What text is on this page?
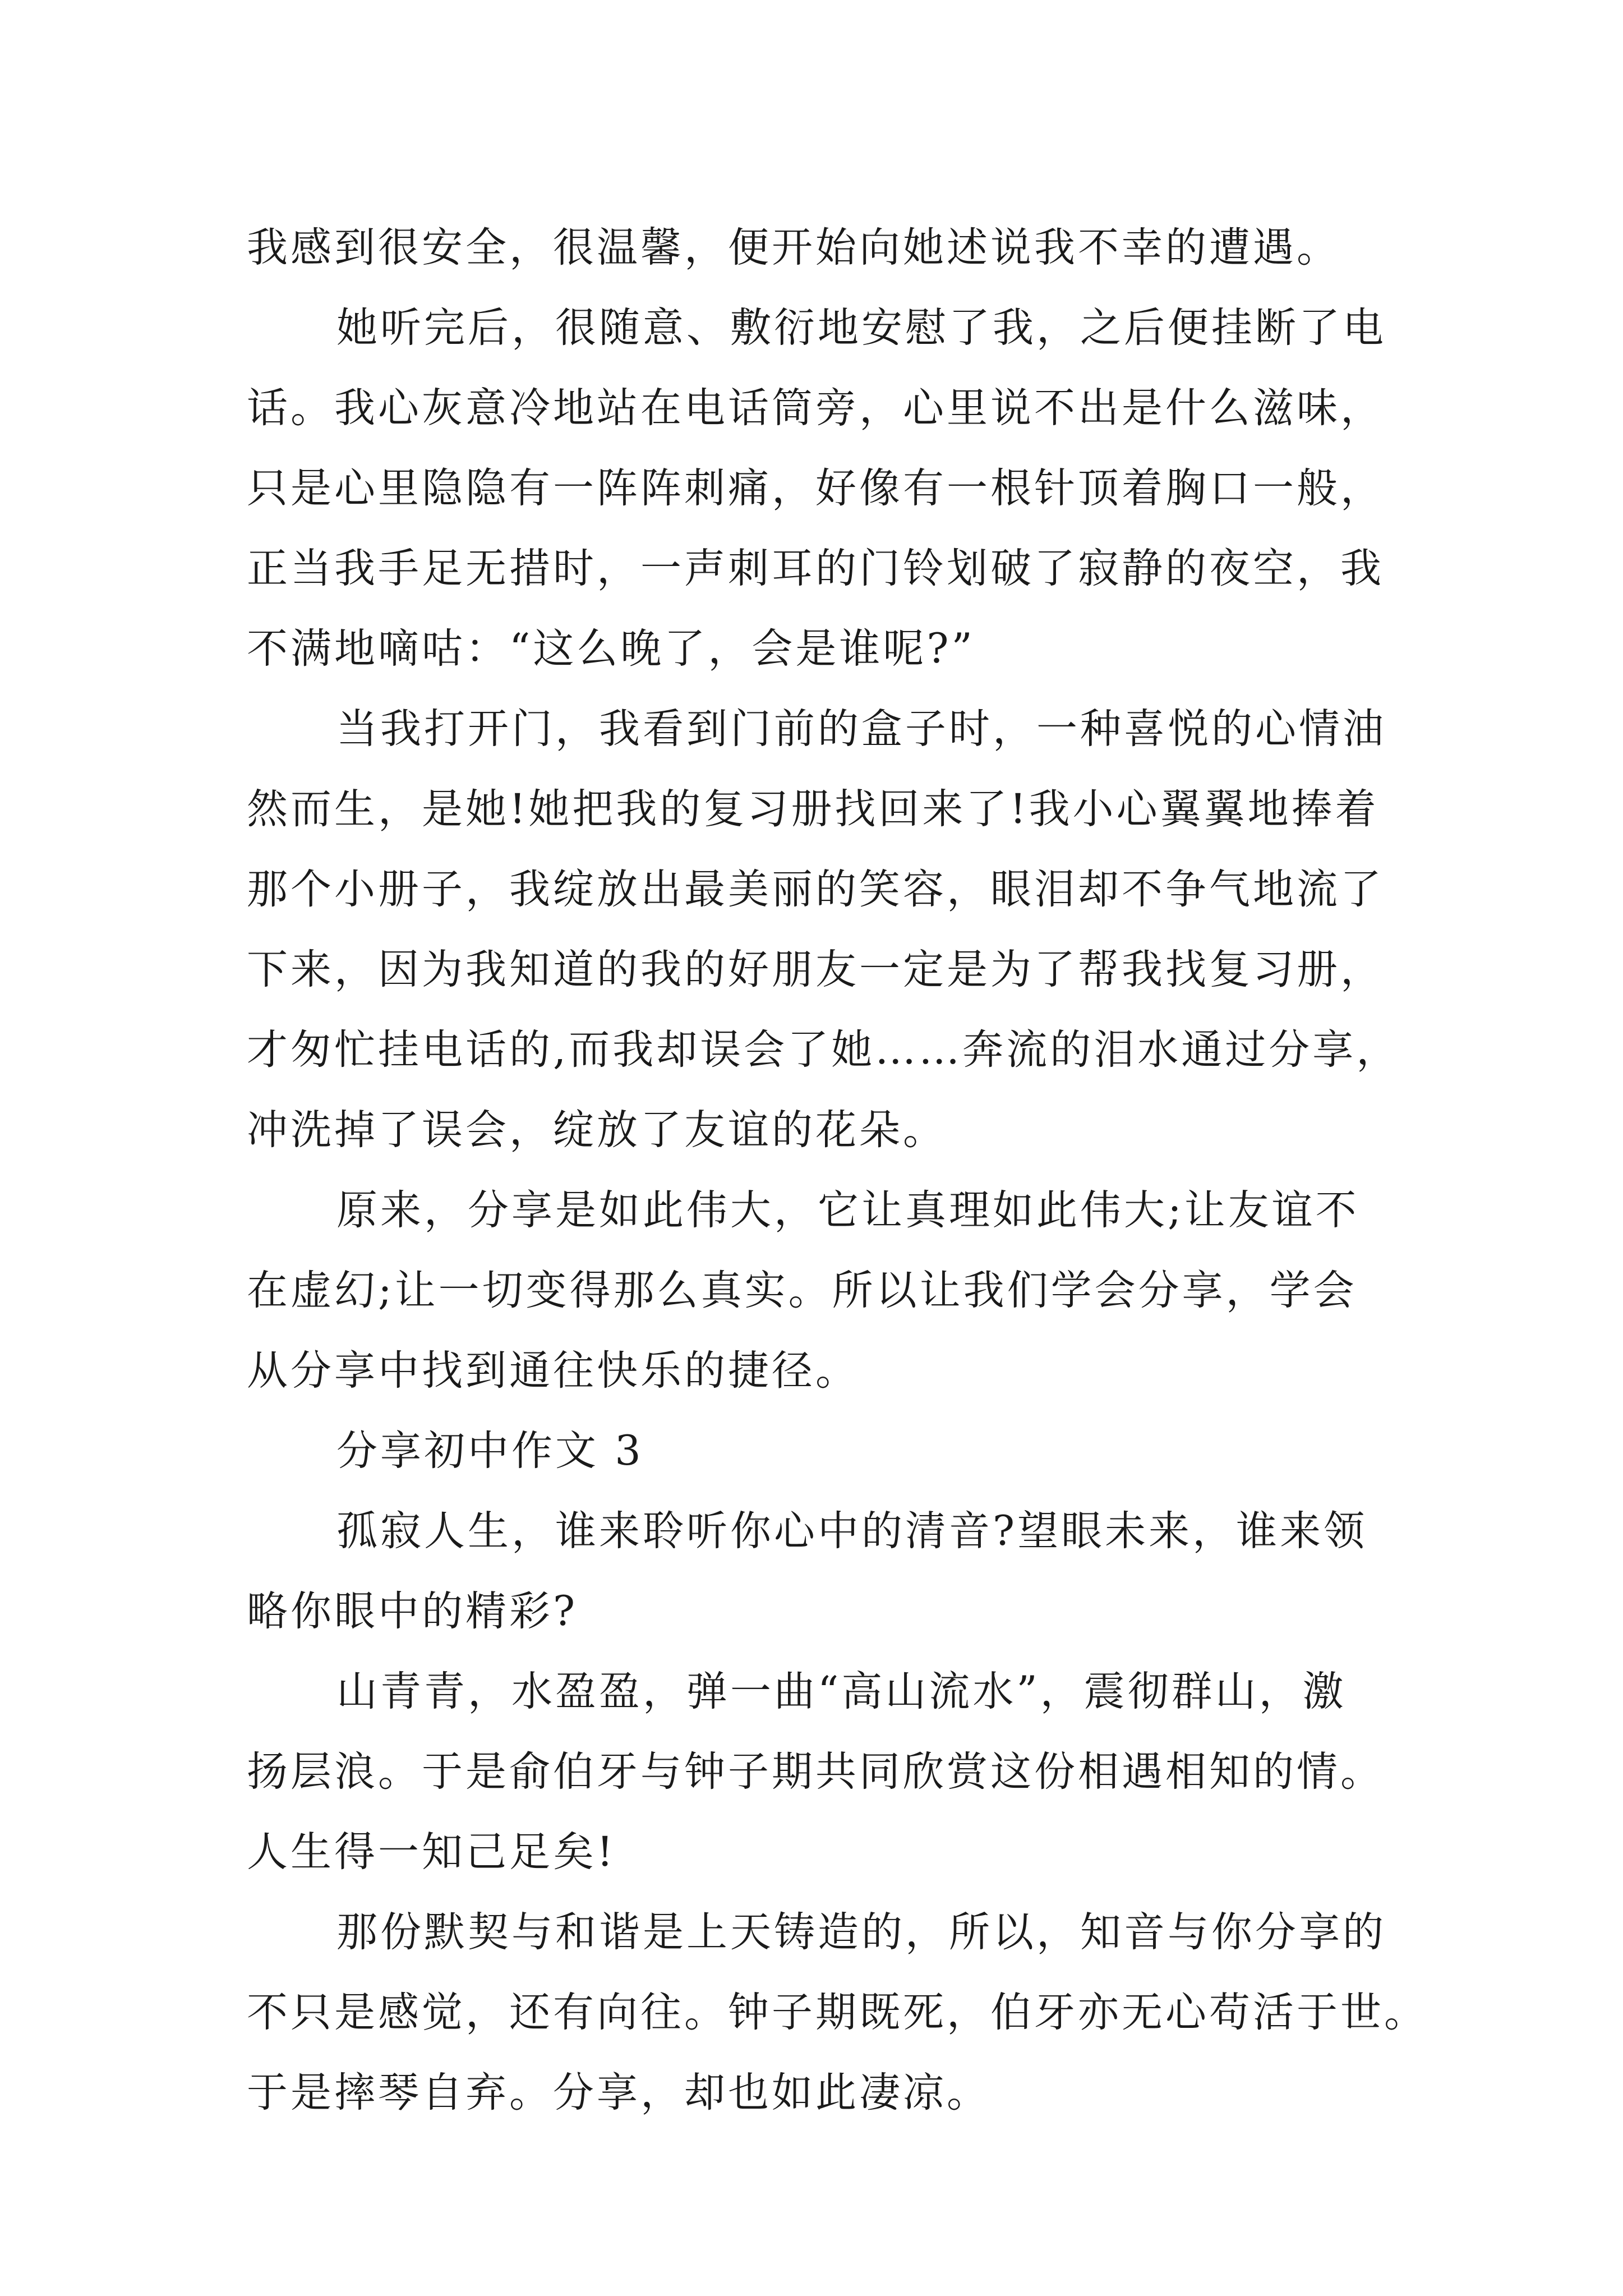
我感到很安全，很温馨，便开始向她述说我不幸的遭遇。
她听完后，很随意、敷衍地安慰了我，之后便挂断了电
话。我心灰意冷地站在电话筒旁，心里说不出是什么滋味，
只是心里隐隐有一阵阵刺痛，好像有一根针顶着胸口一般，
正当我手足无措时，一声刺耳的门铃划破了寂静的夜空，我
不满地嘀咕：“这么晚了，会是谁呢?”
当我打开门，我看到门前的盒子时，一种喜悦的心情油
然而生，是她!她把我的复习册找回来了!我小心翼翼地捧着
那个小册子，我绽放出最美丽的笑容，眼泪却不争气地流了
下来，因为我知道的我的好朋友一定是为了帮我找复习册，
才匆忙挂电话的,而我却误会了她……奔流的泪水通过分享，
冲洗掉了误会，绽放了友谊的花朵。
原来，分享是如此伟大，它让真理如此伟大;让友谊不
在虚幻;让一切变得那么真实。所以让我们学会分享，学会
从分享中找到通往快乐的捷径。
分享初中作文 3
孤寂人生，谁来聆听你心中的清音?望眼未来，谁来领
略你眼中的精彩?
山青青，水盈盈，弹一曲“高山流水”，震彻群山，激
扬层浪。于是俞伯牙与钟子期共同欣赏这份相遇相知的情。
人生得一知己足矣!
那份默契与和谐是上天铸造的，所以，知音与你分享的
不只是感觉，还有向往。钟子期既死，伯牙亦无心苟活于世。
于是摔琴自弃。分享，却也如此凄凉。
